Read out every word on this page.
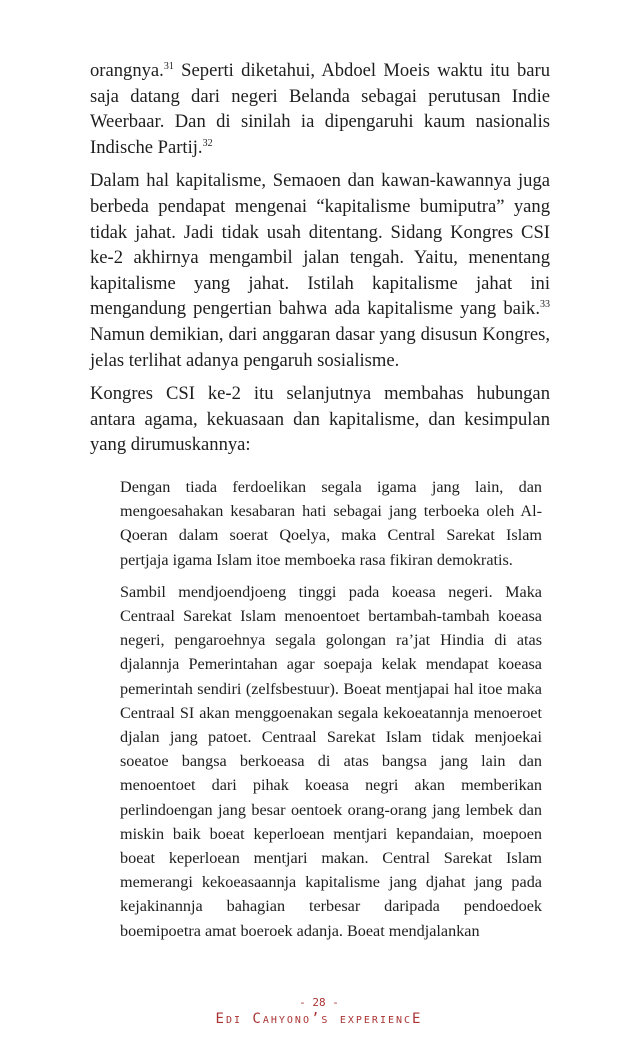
orangnya.$^{31}$ Seperti diketahui, Abdoel Moeis waktu itu baru saja datang dari negeri Belanda sebagai perutusan Indie Weerbaar. Dan di sinilah ia dipengaruhi kaum nasionalis Indische Partij.$^{32}$

Dalam hal kapitalisme, Semaoen dan kawan-kawannya juga berbeda pendapat mengenai “kapitalisme bumiputra” yang tidak jahat. Jadi tidak usah ditentang. Sidang Kongres CSI ke-2 akhirnya mengambil jalan tengah. Yaitu, menentang kapitalisme yang jahat. Istilah kapitalisme jahat ini mengandung pengertian bahwa ada kapitalisme yang baik.$^{33}$ Namun demikian, dari anggaran dasar yang disusun Kongres, jelas terlihat adanya pengaruh sosialisme.

Kongres CSI ke-2 itu selanjutnya membahas hubungan antara agama, kekuasaan dan kapitalisme, dan kesimpulan yang dirumuskannya:

Dengan tiada ferdoelikan segala igama jang lain, dan mengoesahakan kesabaran hati sebagai jang terboeka oleh Al-Qoeran dalam soerat Qoelya, maka Central Sarekat Islam pertjaja igama Islam itoe memboeka rasa fikiran demokratis.

Sambil mendjoendjoeng tinggi pada koeasa negeri. Maka Centraal Sarekat Islam menoentoet bertambah-tambah koeasa negeri, pengaroehnya segala golongan ra’jat Hindia di atas djalannja Pemerintahan agar soepaja kelak mendapat koeasa pemerintah sendiri (zelfsbestuur). Boeat mentjapai hal itoe maka Centraal SI akan menggoenakan segala kekoeatannja menoeroet djalan jang patoet. Centraal Sarekat Islam tidak menjoekai soeatoe bangsa berkoeasa di atas bangsa jang lain dan menoentoet dari pihak koeasa negri akan memberikan perlindoengan jang besar oentoek orang-orang jang lembek dan miskin baik boeat keperloean mentjari kepandaian, moepoen boeat keperloean mentjari makan. Central Sarekat Islam memerangi kekoeasaannja kapitalisme jang djahat jang pada kejakinannja bahagian terbesar daripada pendoedoek boemipoetra amat boeroek adanja. Boeat mendjalankan

- 28 -
Edi Cahyono’s experiencE
